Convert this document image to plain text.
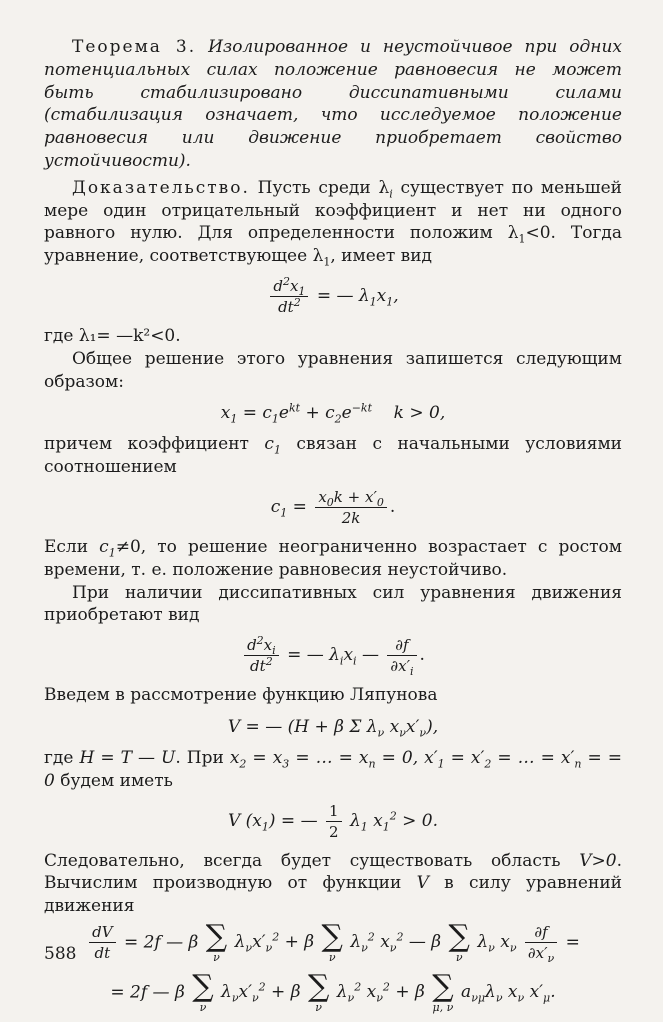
Теорема 3. Изолированное и неустойчивое при одних потенциальных силах положение равновесия не может быть стабилизировано диссипативными силами (стабилизация означает, что исследуемое положение равновесия или движение приобретает свойство устойчивости).

Доказательство. Пусть среди $\lambda_i$ существует по меньшей мере один отрицательный коэффициент и нет ни одного равного нулю. Для определенности положим $\lambda_1<0$. Тогда уравнение, соответствующее $\lambda_1$, имеет вид

$\frac{d^2x_1}{dt^2}$ = — $\lambda_1x_1$,

где λ₁= —k²<0.

Общее решение этого уравнения запишется следующим образом:

$x_1 = c_1e^{kt} + c_2e^{-kt}$    k > 0,

причем коэффициент $c_1$ связан с начальными условиями соотношением

$c_1 = \frac{x_0k + x'_0}{2k}$ .

Если $c_1\ne 0$, то решение неограниченно возрастает с ростом времени, т. е. положение равновесия неустойчиво.

При наличии диссипативных сил уравнения движения приобретают вид

$\frac{d^2x_i}{dt^2}$ = — $\lambda_ix_i$ — $\frac{\partial f}{\partial x'_i}$ .

Введем в рассмотрение функцию Ляпунова

V = — (H + β Σ $\lambda_\nu$ $x_\nu x'_\nu$),

где H = T — U. При $x_2 = x_3$ = … = $x_n = 0$, $x'_1 = x'_2$ = … = $x'_n$ = = 0 будем иметь

V $(x_1)$ = — $\frac{1}{2} \lambda_1$ $x_1^2 > 0$.

Следовательно, всегда будет существовать область V>0. Вычислим производную от функции V в силу уравнений движения

$\frac{dV}{dt} = 2f$ — β ∑
ν
$\lambda_\nu x'_\nu^2 + \beta$ ∑
ν
$\lambda_\nu^2$ $x_\nu^2$ — β ∑
ν
$\lambda_\nu$ $x_\nu \frac{\partial f}{\partial x'_\nu}$ =
= 2f — β ∑
ν
$\lambda_\nu x'_\nu^2 + \beta$ ∑
ν
$\lambda_\nu^2$ $x_\nu^2 + \beta$ ∑
μ, ν
$a_{\nu\mu}\lambda_\nu$ $x_\nu$ $x'_\mu$.
588
